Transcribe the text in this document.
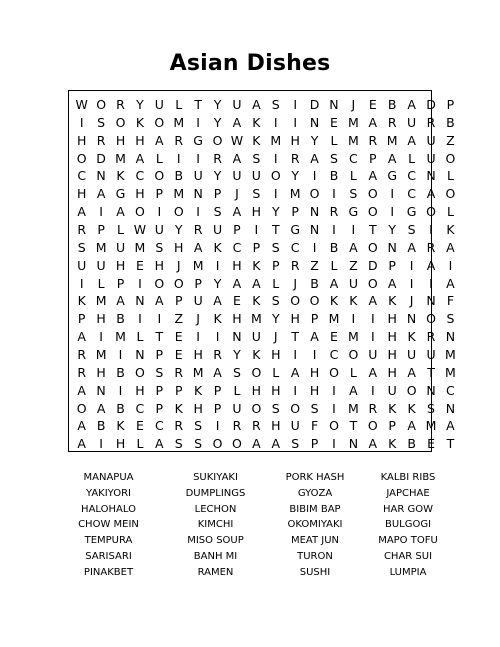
Asian Dishes
W O R Y U L T Y U A S	I	D N	J	E B A D P
I	S O K O M I	Y A K	I	I	N E M A R U R B
H R H H A R G O W K M H Y L M R M A U Z
O D M A L	I	I	R A S	I	R A S C P A L U O
C N K C O B U Y U U O Y	I	B L A G C N L
H A G H P M N P	J	S	I M O	I	S O	I	C A O
A	I	A O	I	O	I	S A H Y P N R G O	I	G O L
R P L W U Y R U P	I	T G N	I	I	T Y S	I	K
S M U M S H A K C P S C	I	B A O N A R A
U U H E H	J M I	H K P R Z L Z D P	I	A	I
I	L P	I	O O P Y A A L	J	B A U O A	I	I	A
K M A N A P U A E K S O O K K A K	J	N F
P H B	I	I	Z	J	K H M Y H P M I	I	H N O S
A	I M L T E	I	I	N U	J	T A E M I	H K R N
R M I	N P E H R Y K H	I	I	C O U H U U M
R H B O S R M A S O L A H O L A H A T M
A N	I	H P P K P L H H	I	H	I	A	I	U O N C
O A B C P K H P U O S O S	I M R K K S N
A B K E C R S	I	R R H U F O T O P A M A
A	I	H L A S S O O A A S P	I	N A K B E T
MANAPUA	SUKIYAKI	PORK HASH	KALBI RIBS
YAKIYORI	DUMPLINGS	GYOZA	JAPCHAE
HALOHALO	LECHON	BIBIM BAP	HAR GOW
CHOW MEIN	KIMCHI	OKOMIYAKI	BULGOGI
TEMPURA	MISO SOUP	MEAT JUN	MAPO TOFU
SARISARI	BANH MI	TURON	CHAR SUI
PINAKBET	RAMEN	SUSHI	LUMPIA
